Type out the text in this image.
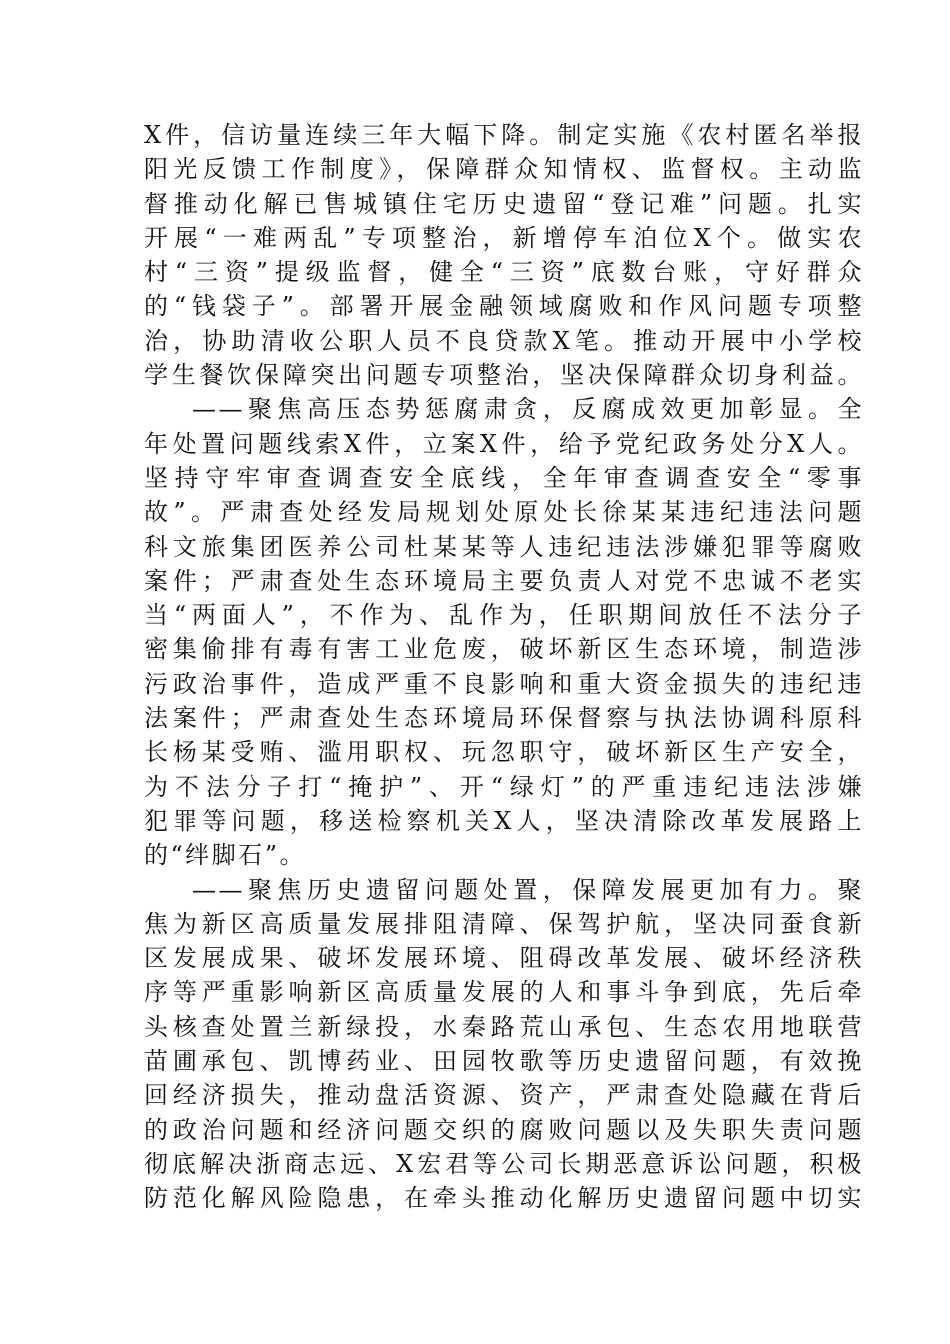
X件，信访量连续三年大幅下降。制定实施《农村匿名举报
阳光反馈工作制度》，保障群众知情权、监督权。主动监
督推动化解已售城镇住宅历史遗留“登记难”问题。扎实
开展“一难两乱”专项整治，新增停车泊位X个。做实农
村“三资”提级监督，健全“三资”底数台账，守好群众
的“钱袋子”。部署开展金融领域腐败和作风问题专项整
治，协助清收公职人员不良贷款X笔。推动开展中小学校
学生餐饮保障突出问题专项整治，坚决保障群众切身利益。
——聚焦高压态势惩腐肃贪，反腐成效更加彰显。全
年处置问题线索X件，立案X件，给予党纪政务处分X人。
坚持守牢审查调查安全底线，全年审查调查安全“零事
故”。严肃查处经发局规划处原处长徐某某违纪违法问题
科文旅集团医养公司杜某某等人违纪违法涉嫌犯罪等腐败
案件；严肃查处生态环境局主要负责人对党不忠诚不老实
当“两面人”，不作为、乱作为，任职期间放任不法分子
密集偷排有毒有害工业危废，破坏新区生态环境，制造涉
污政治事件，造成严重不良影响和重大资金损失的违纪违
法案件；严肃查处生态环境局环保督察与执法协调科原科
长杨某受贿、滥用职权、玩忽职守，破坏新区生产安全，
为不法分子打“掩护”、开“绿灯”的严重违纪违法涉嫌
犯罪等问题，移送检察机关X人，坚决清除改革发展路上
的“绊脚石”。
——聚焦历史遗留问题处置，保障发展更加有力。聚
焦为新区高质量发展排阻清障、保驾护航，坚决同蚕食新
区发展成果、破坏发展环境、阻碍改革发展、破坏经济秩
序等严重影响新区高质量发展的人和事斗争到底，先后牵
头核查处置兰新绿投，水秦路荒山承包、生态农用地联营
苗圃承包、凯博药业、田园牧歌等历史遗留问题，有效挽
回经济损失，推动盘活资源、资产，严肃查处隐藏在背后
的政治问题和经济问题交织的腐败问题以及失职失责问题
彻底解决浙商志远、X宏君等公司长期恶意诉讼问题，积极
防范化解风险隐患，在牵头推动化解历史遗留问题中切实
